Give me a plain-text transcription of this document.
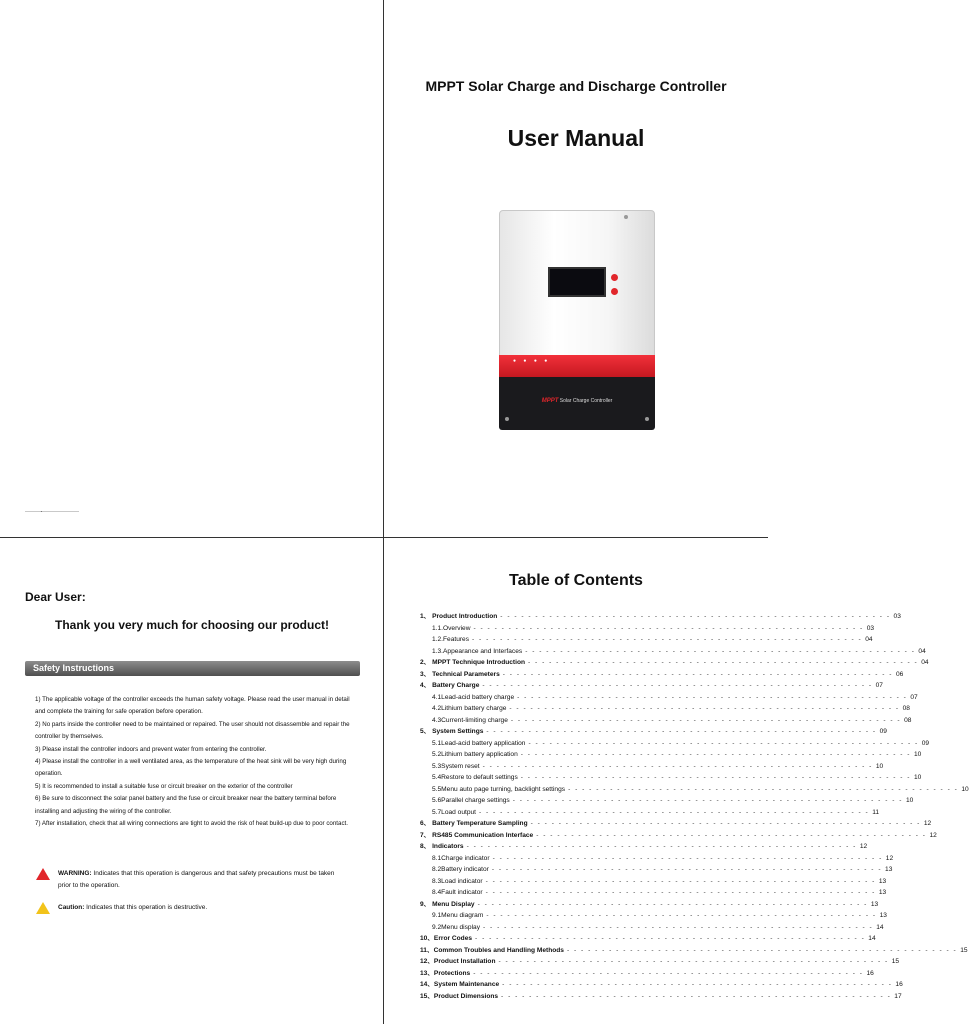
MPPT Solar Charge and Discharge Controller
User Manual
● ● ● ●
MPPT Solar Charge Controller
Dear User:
Thank you very much for choosing our product!
Safety Instructions

1) The applicable voltage of the controller exceeds the human safety voltage. Please read the user manual in detail and complete the training for safe operation before operation.

2) No parts inside the controller need to be maintained or repaired. The user should not disassemble and repair the controller by themselves.

3) Please install the controller indoors and prevent water from entering the controller.

4) Please install the controller in a well ventilated area, as the temperature of the heat sink will be very high during operation.

5) It is recommended to install a suitable fuse or circuit breaker on the exterior of the controller

6) Be sure to disconnect the solar panel battery and the fuse or circuit breaker near the battery terminal before installing and adjusting the wiring of the controller.

7) After installation, check that all wiring connections are tight to avoid the risk of heat build-up due to poor contact.

WARNING: Indicates that this operation is dangerous and that safety precautions must be taken prior to the operation.
Caution: Indicates that this operation is destructive.
Table of Contents
1、 Product Introduction - - - - - - - - - - - - - - - - - - - - - - - - - - - - - - - - - - - - - - - - - - - - - - - - - - - - - - - - 03
1.1.Overview - - - - - - - - - - - - - - - - - - - - - - - - - - - - - - - - - - - - - - - - - - - - - - - - - - - - - - - - 03
1.2.Features - - - - - - - - - - - - - - - - - - - - - - - - - - - - - - - - - - - - - - - - - - - - - - - - - - - - - - - - 04
1.3.Appearance and Interfaces - - - - - - - - - - - - - - - - - - - - - - - - - - - - - - - - - - - - - - - - - - - - - - - - - - - - - - - - 04
2、 MPPT Technique Introduction - - - - - - - - - - - - - - - - - - - - - - - - - - - - - - - - - - - - - - - - - - - - - - - - - - - - - - - - 04
3、 Technical Parameters - - - - - - - - - - - - - - - - - - - - - - - - - - - - - - - - - - - - - - - - - - - - - - - - - - - - - - - - 06
4、 Battery Charge - - - - - - - - - - - - - - - - - - - - - - - - - - - - - - - - - - - - - - - - - - - - - - - - - - - - - - - - 07
4.1Lead-acid battery charge - - - - - - - - - - - - - - - - - - - - - - - - - - - - - - - - - - - - - - - - - - - - - - - - - - - - - - - - 07
4.2Lithium battery charge - - - - - - - - - - - - - - - - - - - - - - - - - - - - - - - - - - - - - - - - - - - - - - - - - - - - - - - - 08
4.3Current-limiting charge - - - - - - - - - - - - - - - - - - - - - - - - - - - - - - - - - - - - - - - - - - - - - - - - - - - - - - - - 08
5、 System Settings - - - - - - - - - - - - - - - - - - - - - - - - - - - - - - - - - - - - - - - - - - - - - - - - - - - - - - - - 09
5.1Lead-acid battery application - - - - - - - - - - - - - - - - - - - - - - - - - - - - - - - - - - - - - - - - - - - - - - - - - - - - - - - - 09
5.2Lithium battery application - - - - - - - - - - - - - - - - - - - - - - - - - - - - - - - - - - - - - - - - - - - - - - - - - - - - - - - - 10
5.3System reset - - - - - - - - - - - - - - - - - - - - - - - - - - - - - - - - - - - - - - - - - - - - - - - - - - - - - - - - 10
5.4Restore to default settings - - - - - - - - - - - - - - - - - - - - - - - - - - - - - - - - - - - - - - - - - - - - - - - - - - - - - - - - 10
5.5Menu auto page turning, backlight settings - - - - - - - - - - - - - - - - - - - - - - - - - - - - - - - - - - - - - - - - - - - - - - - - - - - - - - - - 10
5.6Parallel charge settings - - - - - - - - - - - - - - - - - - - - - - - - - - - - - - - - - - - - - - - - - - - - - - - - - - - - - - - - 10
5.7Load output - - - - - - - - - - - - - - - - - - - - - - - - - - - - - - - - - - - - - - - - - - - - - - - - - - - - - - - - 11
6、 Battery Temperature Sampling - - - - - - - - - - - - - - - - - - - - - - - - - - - - - - - - - - - - - - - - - - - - - - - - - - - - - - - - 12
7、 RS485 Communication Interface - - - - - - - - - - - - - - - - - - - - - - - - - - - - - - - - - - - - - - - - - - - - - - - - - - - - - - - - 12
8、 Indicators - - - - - - - - - - - - - - - - - - - - - - - - - - - - - - - - - - - - - - - - - - - - - - - - - - - - - - - - 12
8.1Charge indicator - - - - - - - - - - - - - - - - - - - - - - - - - - - - - - - - - - - - - - - - - - - - - - - - - - - - - - - - 12
8.2Battery indicator - - - - - - - - - - - - - - - - - - - - - - - - - - - - - - - - - - - - - - - - - - - - - - - - - - - - - - - - 13
8.3Load indicator - - - - - - - - - - - - - - - - - - - - - - - - - - - - - - - - - - - - - - - - - - - - - - - - - - - - - - - - 13
8.4Fault indicator - - - - - - - - - - - - - - - - - - - - - - - - - - - - - - - - - - - - - - - - - - - - - - - - - - - - - - - - 13
9、 Menu Display - - - - - - - - - - - - - - - - - - - - - - - - - - - - - - - - - - - - - - - - - - - - - - - - - - - - - - - - 13
9.1Menu diagram - - - - - - - - - - - - - - - - - - - - - - - - - - - - - - - - - - - - - - - - - - - - - - - - - - - - - - - - 13
9.2Menu display - - - - - - - - - - - - - - - - - - - - - - - - - - - - - - - - - - - - - - - - - - - - - - - - - - - - - - - - 14
10、Error Codes - - - - - - - - - - - - - - - - - - - - - - - - - - - - - - - - - - - - - - - - - - - - - - - - - - - - - - - - 14
11、Common Troubles and Handling Methods - - - - - - - - - - - - - - - - - - - - - - - - - - - - - - - - - - - - - - - - - - - - - - - - - - - - - - - - 15
12、Product Installation - - - - - - - - - - - - - - - - - - - - - - - - - - - - - - - - - - - - - - - - - - - - - - - - - - - - - - - - 15
13、Protections - - - - - - - - - - - - - - - - - - - - - - - - - - - - - - - - - - - - - - - - - - - - - - - - - - - - - - - - 16
14、System Maintenance - - - - - - - - - - - - - - - - - - - - - - - - - - - - - - - - - - - - - - - - - - - - - - - - - - - - - - - - 16
15、Product Dimensions - - - - - - - - - - - - - - - - - - - - - - - - - - - - - - - - - - - - - - - - - - - - - - - - - - - - - - - - 17
